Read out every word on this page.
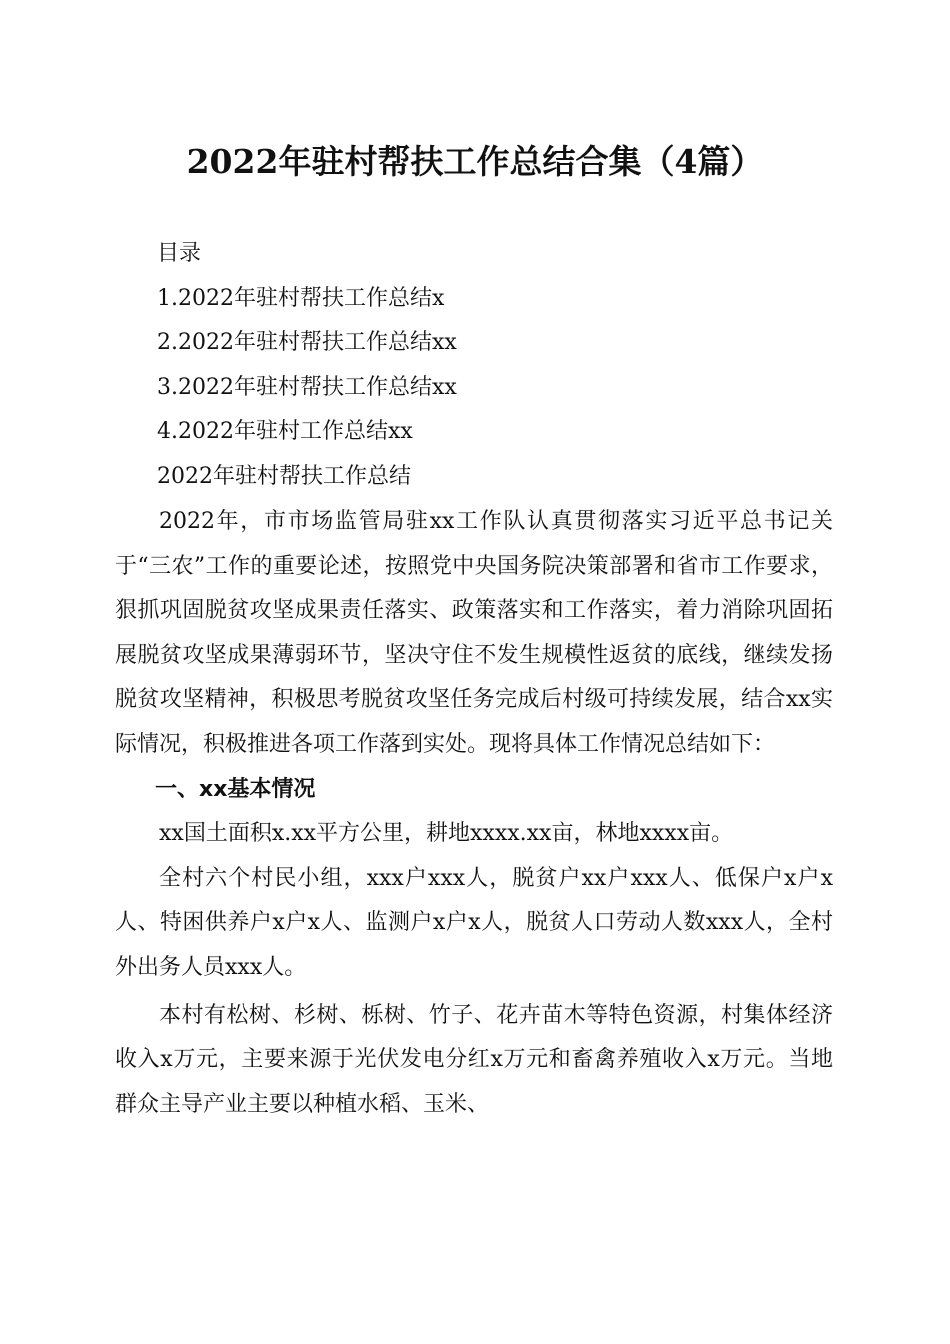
2022年驻村帮扶工作总结合集（4篇）
目录
1.2022年驻村帮扶工作总结x
2.2022年驻村帮扶工作总结xx
3.2022年驻村帮扶工作总结xx
4.2022年驻村工作总结xx
2022年驻村帮扶工作总结

2022年，市市场监管局驻xx工作队认真贯彻落实习近平总书记关于“三农”工作的重要论述，按照党中央国务院决策部署和省市工作要求，狠抓巩固脱贫攻坚成果责任落实、政策落实和工作落实，着力消除巩固拓展脱贫攻坚成果薄弱环节，坚决守住不发生规模性返贫的底线，继续发扬脱贫攻坚精神，积极思考脱贫攻坚任务完成后村级可持续发展，结合xx实际情况，积极推进各项工作落到实处。现将具体工作情况总结如下：

一、xx基本情况

xx国土面积x.xx平方公里，耕地xxxx.xx亩，林地xxxx亩。

全村六个村民小组，xxx户xxx人，脱贫户xx户xxx人、低保户x户x人、特困供养户x户x人、监测户x户x人，脱贫人口劳动人数xxx人，全村外出务人员xxx人。

本村有松树、杉树、栎树、竹子、花卉苗木等特色资源，村集体经济收入x万元，主要来源于光伏发电分红x万元和畜禽养殖收入x万元。当地群众主导产业主要以种植水稻、玉米、
